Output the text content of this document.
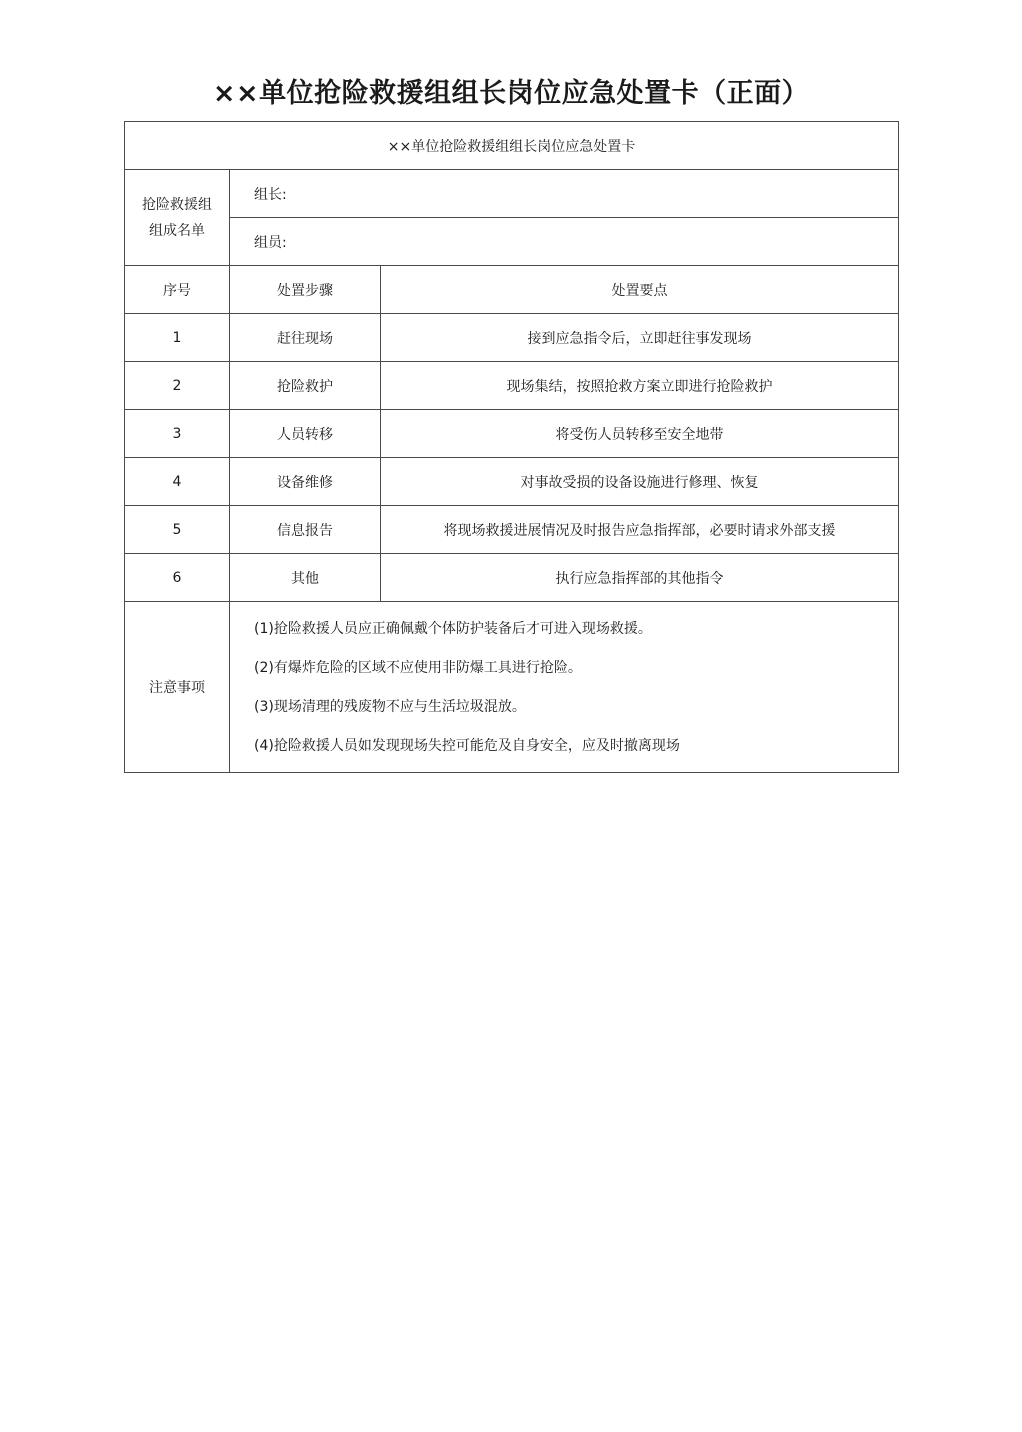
××单位抢险救援组组长岗位应急处置卡（正面）
××单位抢险救援组组长岗位应急处置卡		

抢险救援组
组成名单	组长:	
	组员:	
序号	处置步骤	处置要点
1	赶往现场	接到应急指令后，立即赶往事发现场
2	抢险救护	现场集结，按照抢救方案立即进行抢险救护
3	人员转移	将受伤人员转移至安全地带
4	设备维修	对事故受损的设备设施进行修理、恢复
5	信息报告	将现场救援进展情况及时报告应急指挥部，必要时请求外部支援
6	其他	执行应急指挥部的其他指令
注意事项	(1)抢险救援人员应正确佩戴个体防护装备后才可进入现场救援。
(2)有爆炸危险的区域不应使用非防爆工具进行抢险。
(3)现场清理的残废物不应与生活垃圾混放。
(4)抢险救援人员如发现现场失控可能危及自身安全，应及时撤离现场	
